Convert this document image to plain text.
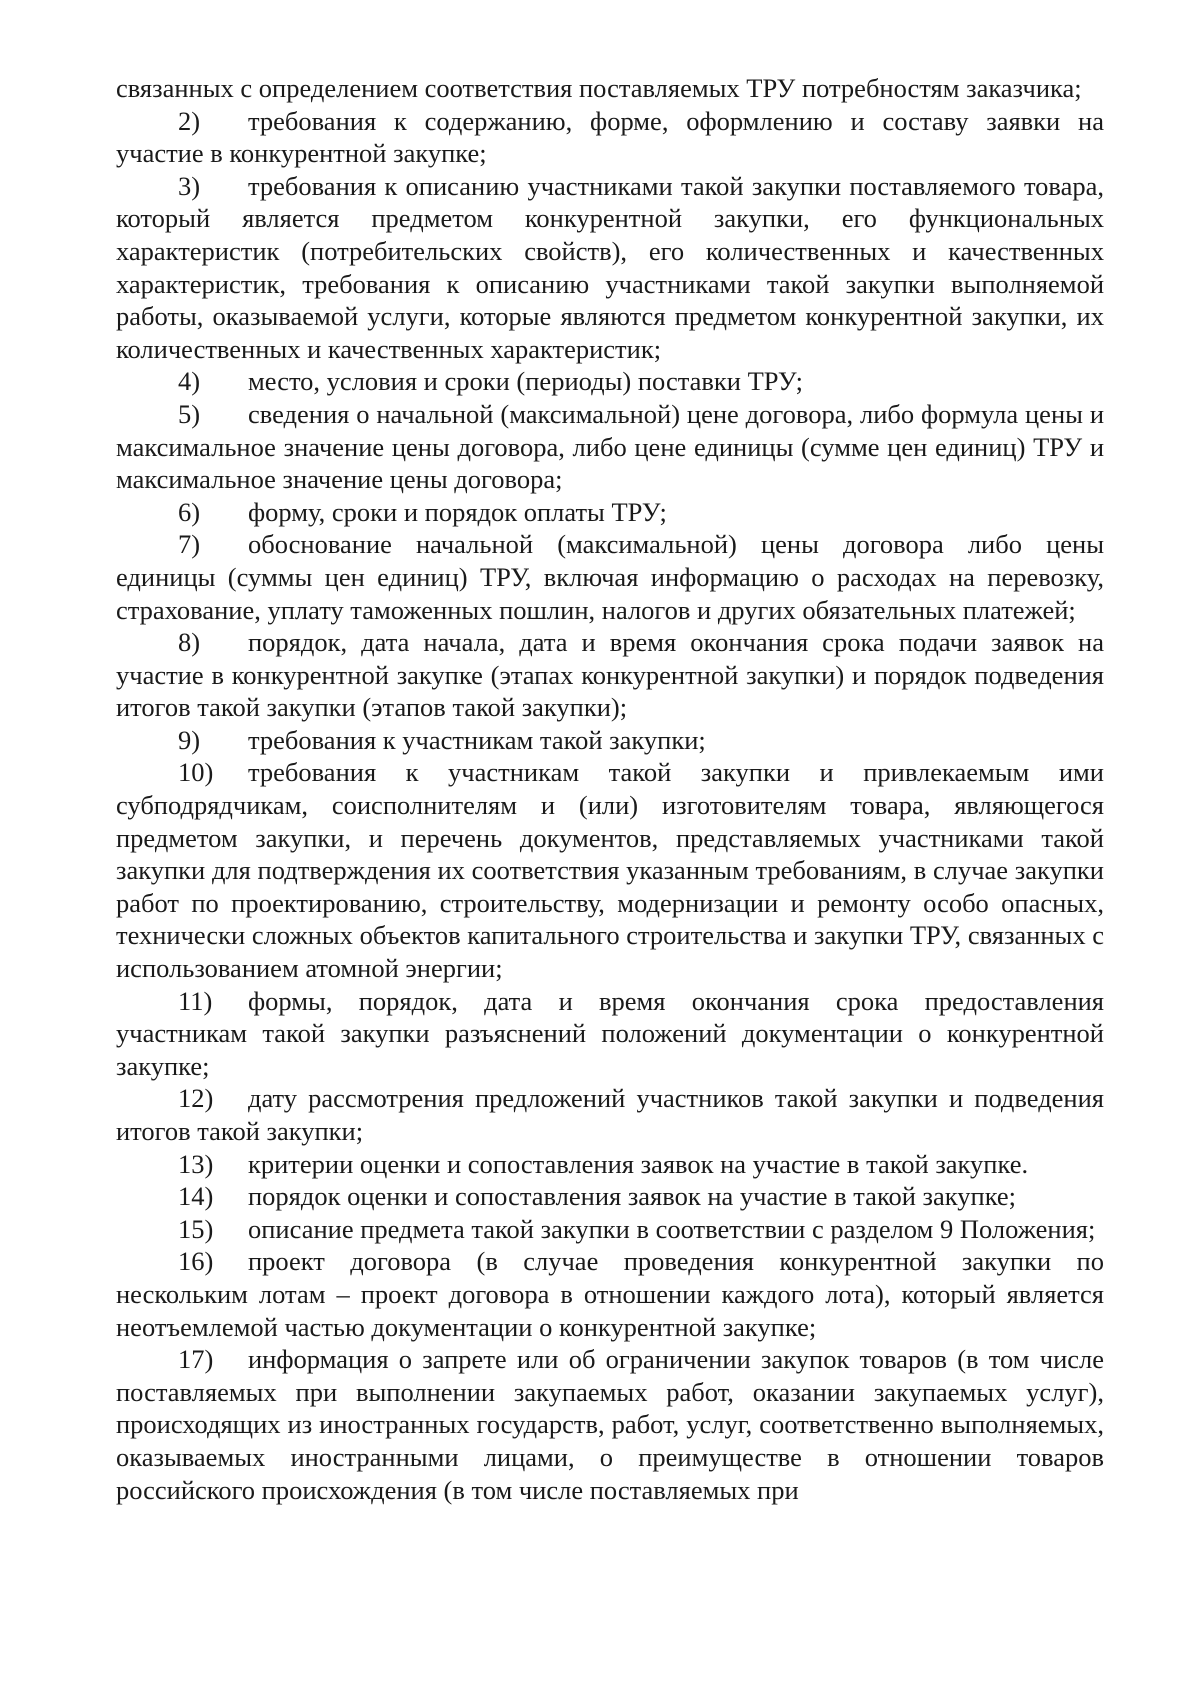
связанных с определением соответствия поставляемых ТРУ потребностям заказчика;

2) требования к содержанию, форме, оформлению и составу заявки на участие в конкурентной закупке;

3) требования к описанию участниками такой закупки поставляемого товара, который является предметом конкурентной закупки, его функциональных характеристик (потребительских свойств), его количественных и качественных характеристик, требования к описанию участниками такой закупки выполняемой работы, оказываемой услуги, которые являются предметом конкурентной закупки, их количественных и качественных характеристик;

4) место, условия и сроки (периоды) поставки ТРУ;

5) сведения о начальной (максимальной) цене договора, либо формула цены и максимальное значение цены договора, либо цене единицы (сумме цен единиц) ТРУ и максимальное значение цены договора;

6) форму, сроки и порядок оплаты ТРУ;

7) обоснование начальной (максимальной) цены договора либо цены единицы (суммы цен единиц) ТРУ, включая информацию о расходах на перевозку, страхование, уплату таможенных пошлин, налогов и других обязательных платежей;

8) порядок, дата начала, дата и время окончания срока подачи заявок на участие в конкурентной закупке (этапах конкурентной закупки) и порядок подведения итогов такой закупки (этапов такой закупки);

9) требования к участникам такой закупки;

10) требования к участникам такой закупки и привлекаемым ими субподрядчикам, соисполнителям и (или) изготовителям товара, являющегося предметом закупки, и перечень документов, представляемых участниками такой закупки для подтверждения их соответствия указанным требованиям, в случае закупки работ по проектированию, строительству, модернизации и ремонту особо опасных, технически сложных объектов капитального строительства и закупки ТРУ, связанных с использованием атомной энергии;

11) формы, порядок, дата и время окончания срока предоставления участникам такой закупки разъяснений положений документации о конкурентной закупке;

12) дату рассмотрения предложений участников такой закупки и подведения итогов такой закупки;

13) критерии оценки и сопоставления заявок на участие в такой закупке.

14) порядок оценки и сопоставления заявок на участие в такой закупке;

15) описание предмета такой закупки в соответствии с разделом 9 Положения;

16) проект договора (в случае проведения конкурентной закупки по нескольким лотам – проект договора в отношении каждого лота), который является неотъемлемой частью документации о конкурентной закупке;

17) информация о запрете или об ограничении закупок товаров (в том числе поставляемых при выполнении закупаемых работ, оказании закупаемых услуг), происходящих из иностранных государств, работ, услуг, соответственно выполняемых, оказываемых иностранными лицами, о преимуществе в отношении товаров российского происхождения (в том числе поставляемых при
